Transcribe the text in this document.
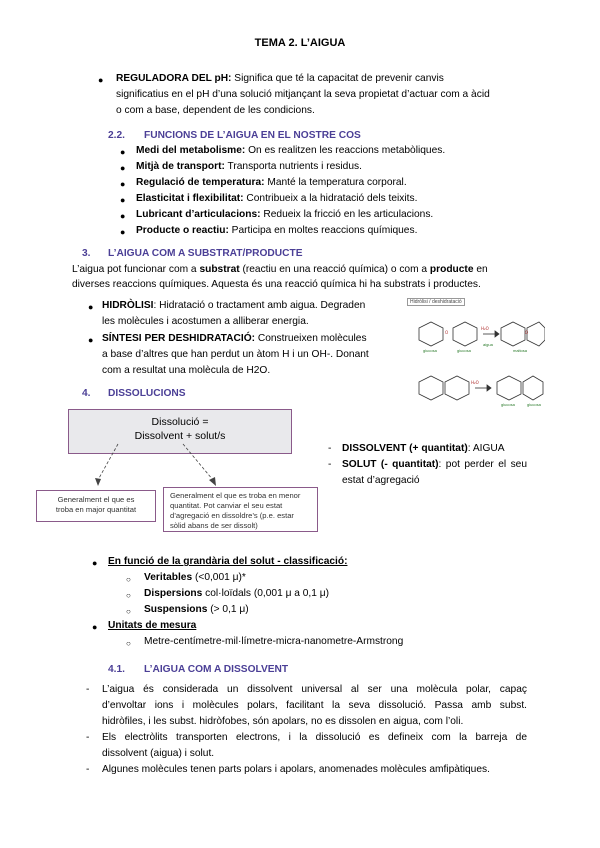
TEMA 2. L’AIGUA
● REGULADORA DEL pH: Significa que té la capacitat de prevenir canvis
significatius en el pH d’una solució mitjançant la seva propietat d’actuar com a àcid
o com a base, dependent de les condicions.
2.2. FUNCIONS DE L’AIGUA EN EL NOSTRE COS
● Medi del metabolisme: On es realitzen les reaccions metabòliques.
● Mitjà de transport: Transporta nutrients i residus.
● Regulació de temperatura: Manté la temperatura corporal.
● Elasticitat i flexibilitat: Contribueix a la hidratació dels teixits.
● Lubricant d’articulacions: Redueix la fricció en les articulacions.
● Producte o reactiu: Participa en moltes reaccions químiques.
3. L’AIGUA COM A SUBSTRAT/PRODUCTE
L’aigua pot funcionar com a substrat (reactiu en una reacció química) o com a producte en
diverses reaccions químiques. Aquesta és una reacció química hi ha substrats i productes.
● HIDRÒLISI: Hidratació o tractament amb aigua. Degraden
les molècules i acostumen a alliberar energia.
● SÍNTESI PER DESHIDRATACIÓ: Construeixen molècules
a base d’altres que han perdut un àtom H i un OH-. Donant
com a resultat una molècula de H2O.
Hidròlisi / deshidratació
O
H₂O
O
H₂O
glucosa	glucosa	maltosa
aigua
glucosa	glucosa
4. DISSOLUCIONS
Dissolució =
Dissolvent + solut/s
Generalment el que es
troba en major quantitat
Generalment el que es troba en menor
quantitat. Pot canviar el seu estat
d’agregació en dissoldre’s (p.e. estar
sòlid abans de ser dissolt)
- DISSOLVENT (+ quantitat): AIGUA
- SOLUT (- quantitat): pot perder el seu
estat d’agregació
● En funció de la grandària del solut - classificació:
○ Veritables (<0,001 μ)*
○ Dispersions col·loïdals (0,001 μ a 0,1 μ)
○ Suspensions (> 0,1 μ)
● Unitats de mesura
○ Metre-centímetre-mil·límetre-micra-nanometre-Armstrong
4.1. L’AIGUA COM A DISSOLVENT
- L’aigua és considerada un dissolvent universal al ser una molècula polar, capaç
d’envoltar ions i molècules polars, facilitant la seva dissolució. Passa amb subst.
hidròfiles, i les subst. hidròfobes, són apolars, no es dissolen en aigua, com l’oli.
- Els electròlits transporten electrons, i la dissolució es defineix com la barreja de
dissolvent (aigua) i solut.
- Algunes molècules tenen parts polars i apolars, anomenades molècules amfipàtiques.
